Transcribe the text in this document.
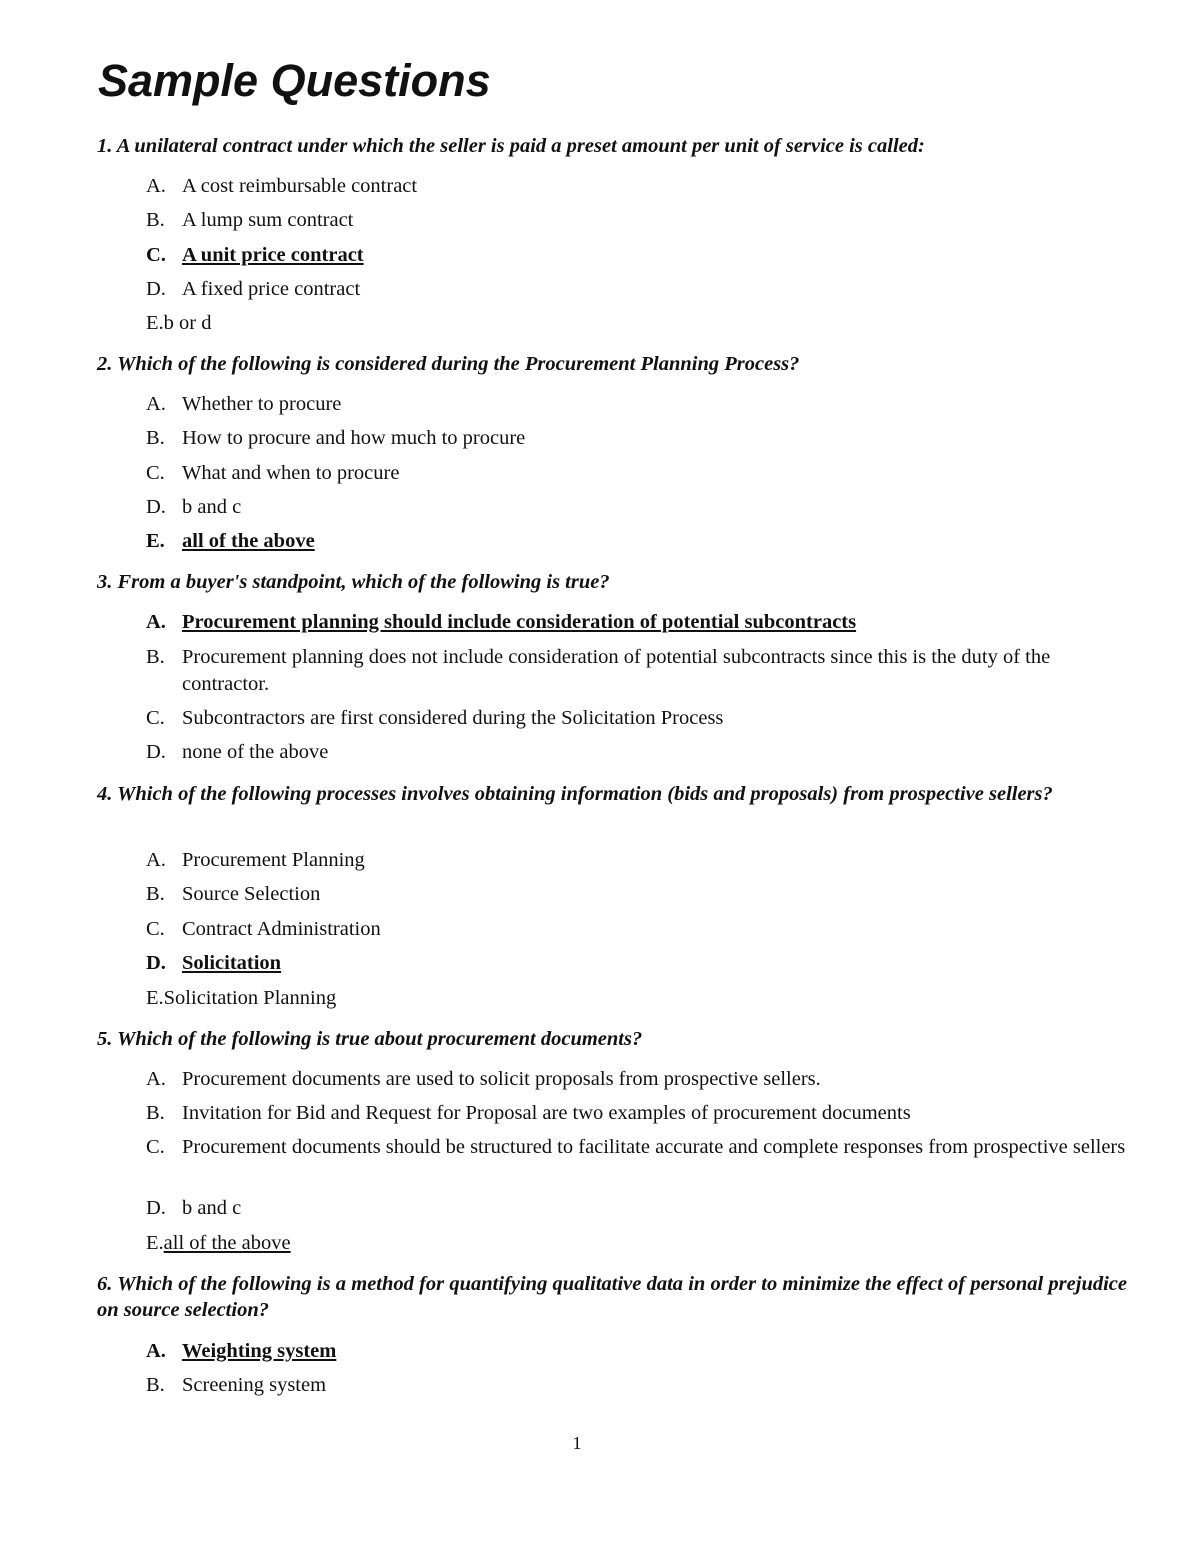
Sample Questions

1. A unilateral contract under which the seller is paid a preset amount per unit of service is called:

A. A cost reimbursable contract
B. A lump sum contract
C. A unit price contract
D. A fixed price contract
E.b or d

2. Which of the following is considered during the Procurement Planning Process?

A. Whether to procure
B. How to procure and how much to procure
C. What and when to procure
D. b and c
E. all of the above

3. From a buyer's standpoint, which of the following is true?

A. Procurement planning should include consideration of potential subcontracts
B. Procurement planning does not include consideration of potential subcontracts since this is the duty of the contractor.
C. Subcontractors are first considered during the Solicitation Process
D. none of the above

4. Which of the following processes involves obtaining information (bids and proposals) from prospective sellers?

A. Procurement Planning
B. Source Selection
C. Contract Administration
D. Solicitation
E.Solicitation Planning

5. Which of the following is true about procurement documents?

A. Procurement documents are used to solicit proposals from prospective sellers.
B. Invitation for Bid and Request for Proposal are two examples of procurement documents
C. Procurement documents should be structured to facilitate accurate and complete responses from prospective sellers
D. b and c
E.all of the above

6. Which of the following is a method for quantifying qualitative data in order to minimize the effect of personal prejudice on source selection?

A. Weighting system
B. Screening system
1
